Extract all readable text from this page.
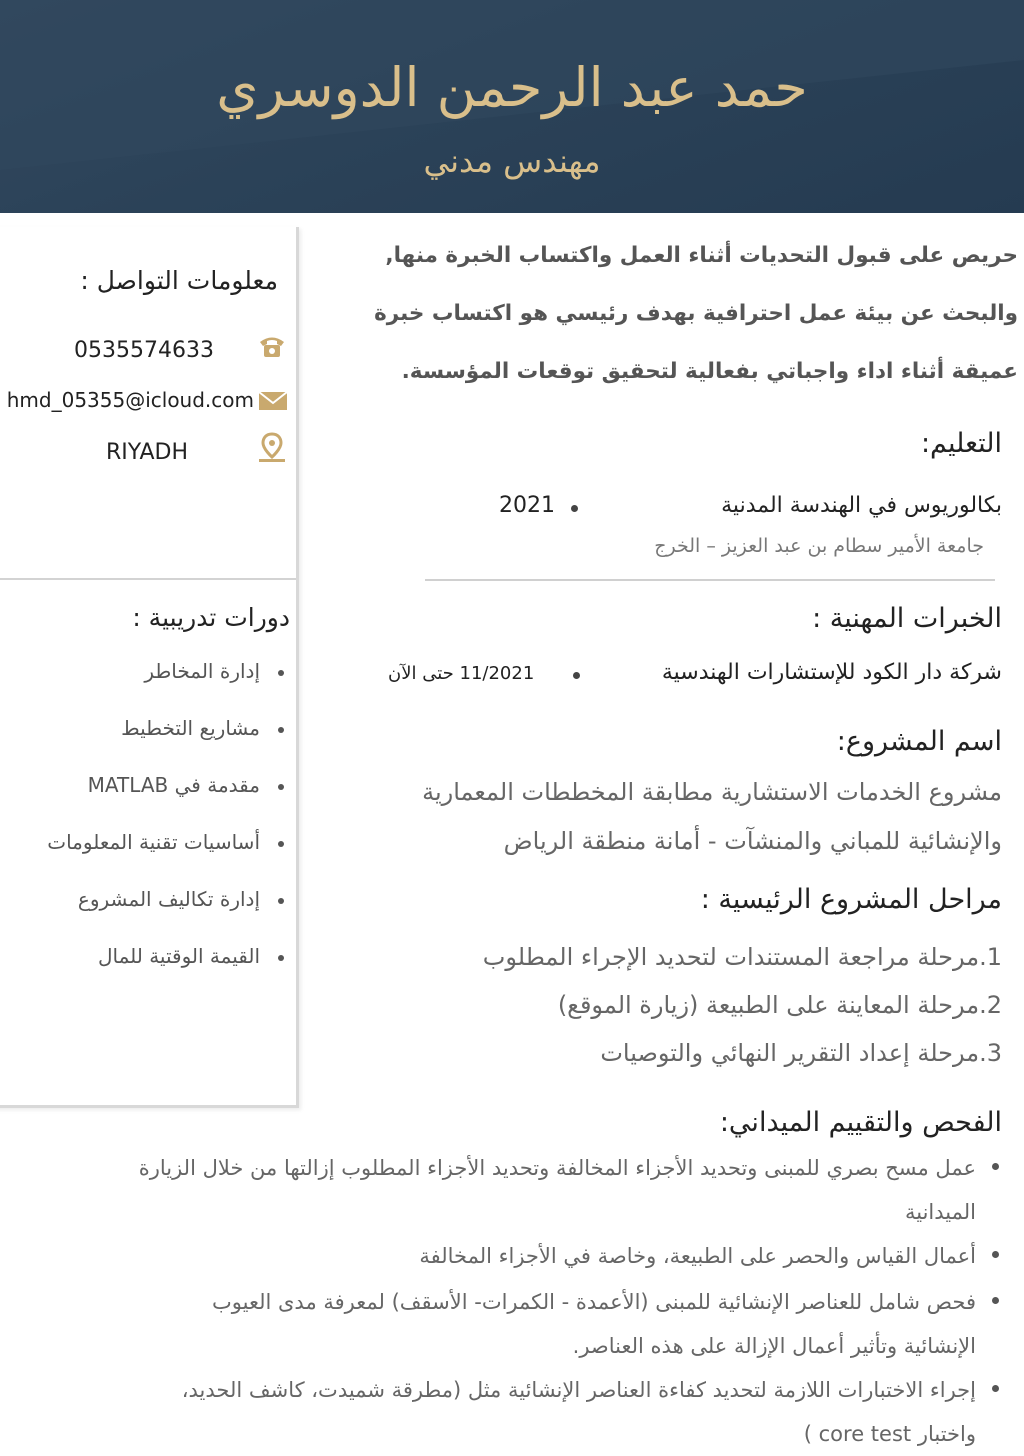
حمد عبد الرحمن الدوسري
مهندس مدني
معلومات التواصل :
0535574633
hmd_05355@icloud.com
RIYADH
دورات تدريبية :
إدارة المخاطر
مشاريع التخطيط
مقدمة في MATLAB
أساسيات تقنية المعلومات
إدارة تكاليف المشروع
القيمة الوقتية للمال
حريص على قبول التحديات أثناء العمل واكتساب الخبرة منها,
والبحث عن بيئة عمل احترافية بهدف رئيسي هو اكتساب خبرة
عميقة أثناء اداء واجباتي بفعالية لتحقيق توقعات المؤسسة.
التعليم:
بكالوريوس في الهندسة المدنية
2021
جامعة الأمير سطام بن عبد العزيز – الخرج
الخبرات المهنية :
شركة دار الكود للإستشارات الهندسية
11/2021 حتى الآن
اسم المشروع:
مشروع الخدمات الاستشارية مطابقة المخططات المعمارية
والإنشائية للمباني والمنشآت - أمانة منطقة الرياض
مراحل المشروع الرئيسية :
1.مرحلة مراجعة المستندات لتحديد الإجراء المطلوب
2.مرحلة المعاينة على الطبيعة (زيارة الموقع)
3.مرحلة إعداد التقرير النهائي والتوصيات
الفحص والتقييم الميداني:
عمل مسح بصري للمبنى وتحديد الأجزاء المخالفة وتحديد الأجزاء المطلوب إزالتها من خلال الزيارة
الميدانية
أعمال القياس والحصر على الطبيعة، وخاصة في الأجزاء المخالفة
فحص شامل للعناصر الإنشائية للمبنى (الأعمدة - الكمرات- الأسقف) لمعرفة مدى العيوب
الإنشائية وتأثير أعمال الإزالة على هذه العناصر.
إجراء الاختبارات اللازمة لتحديد كفاءة العناصر الإنشائية مثل (مطرقة شميدت، كاشف الحديد،
واختبار core test )
